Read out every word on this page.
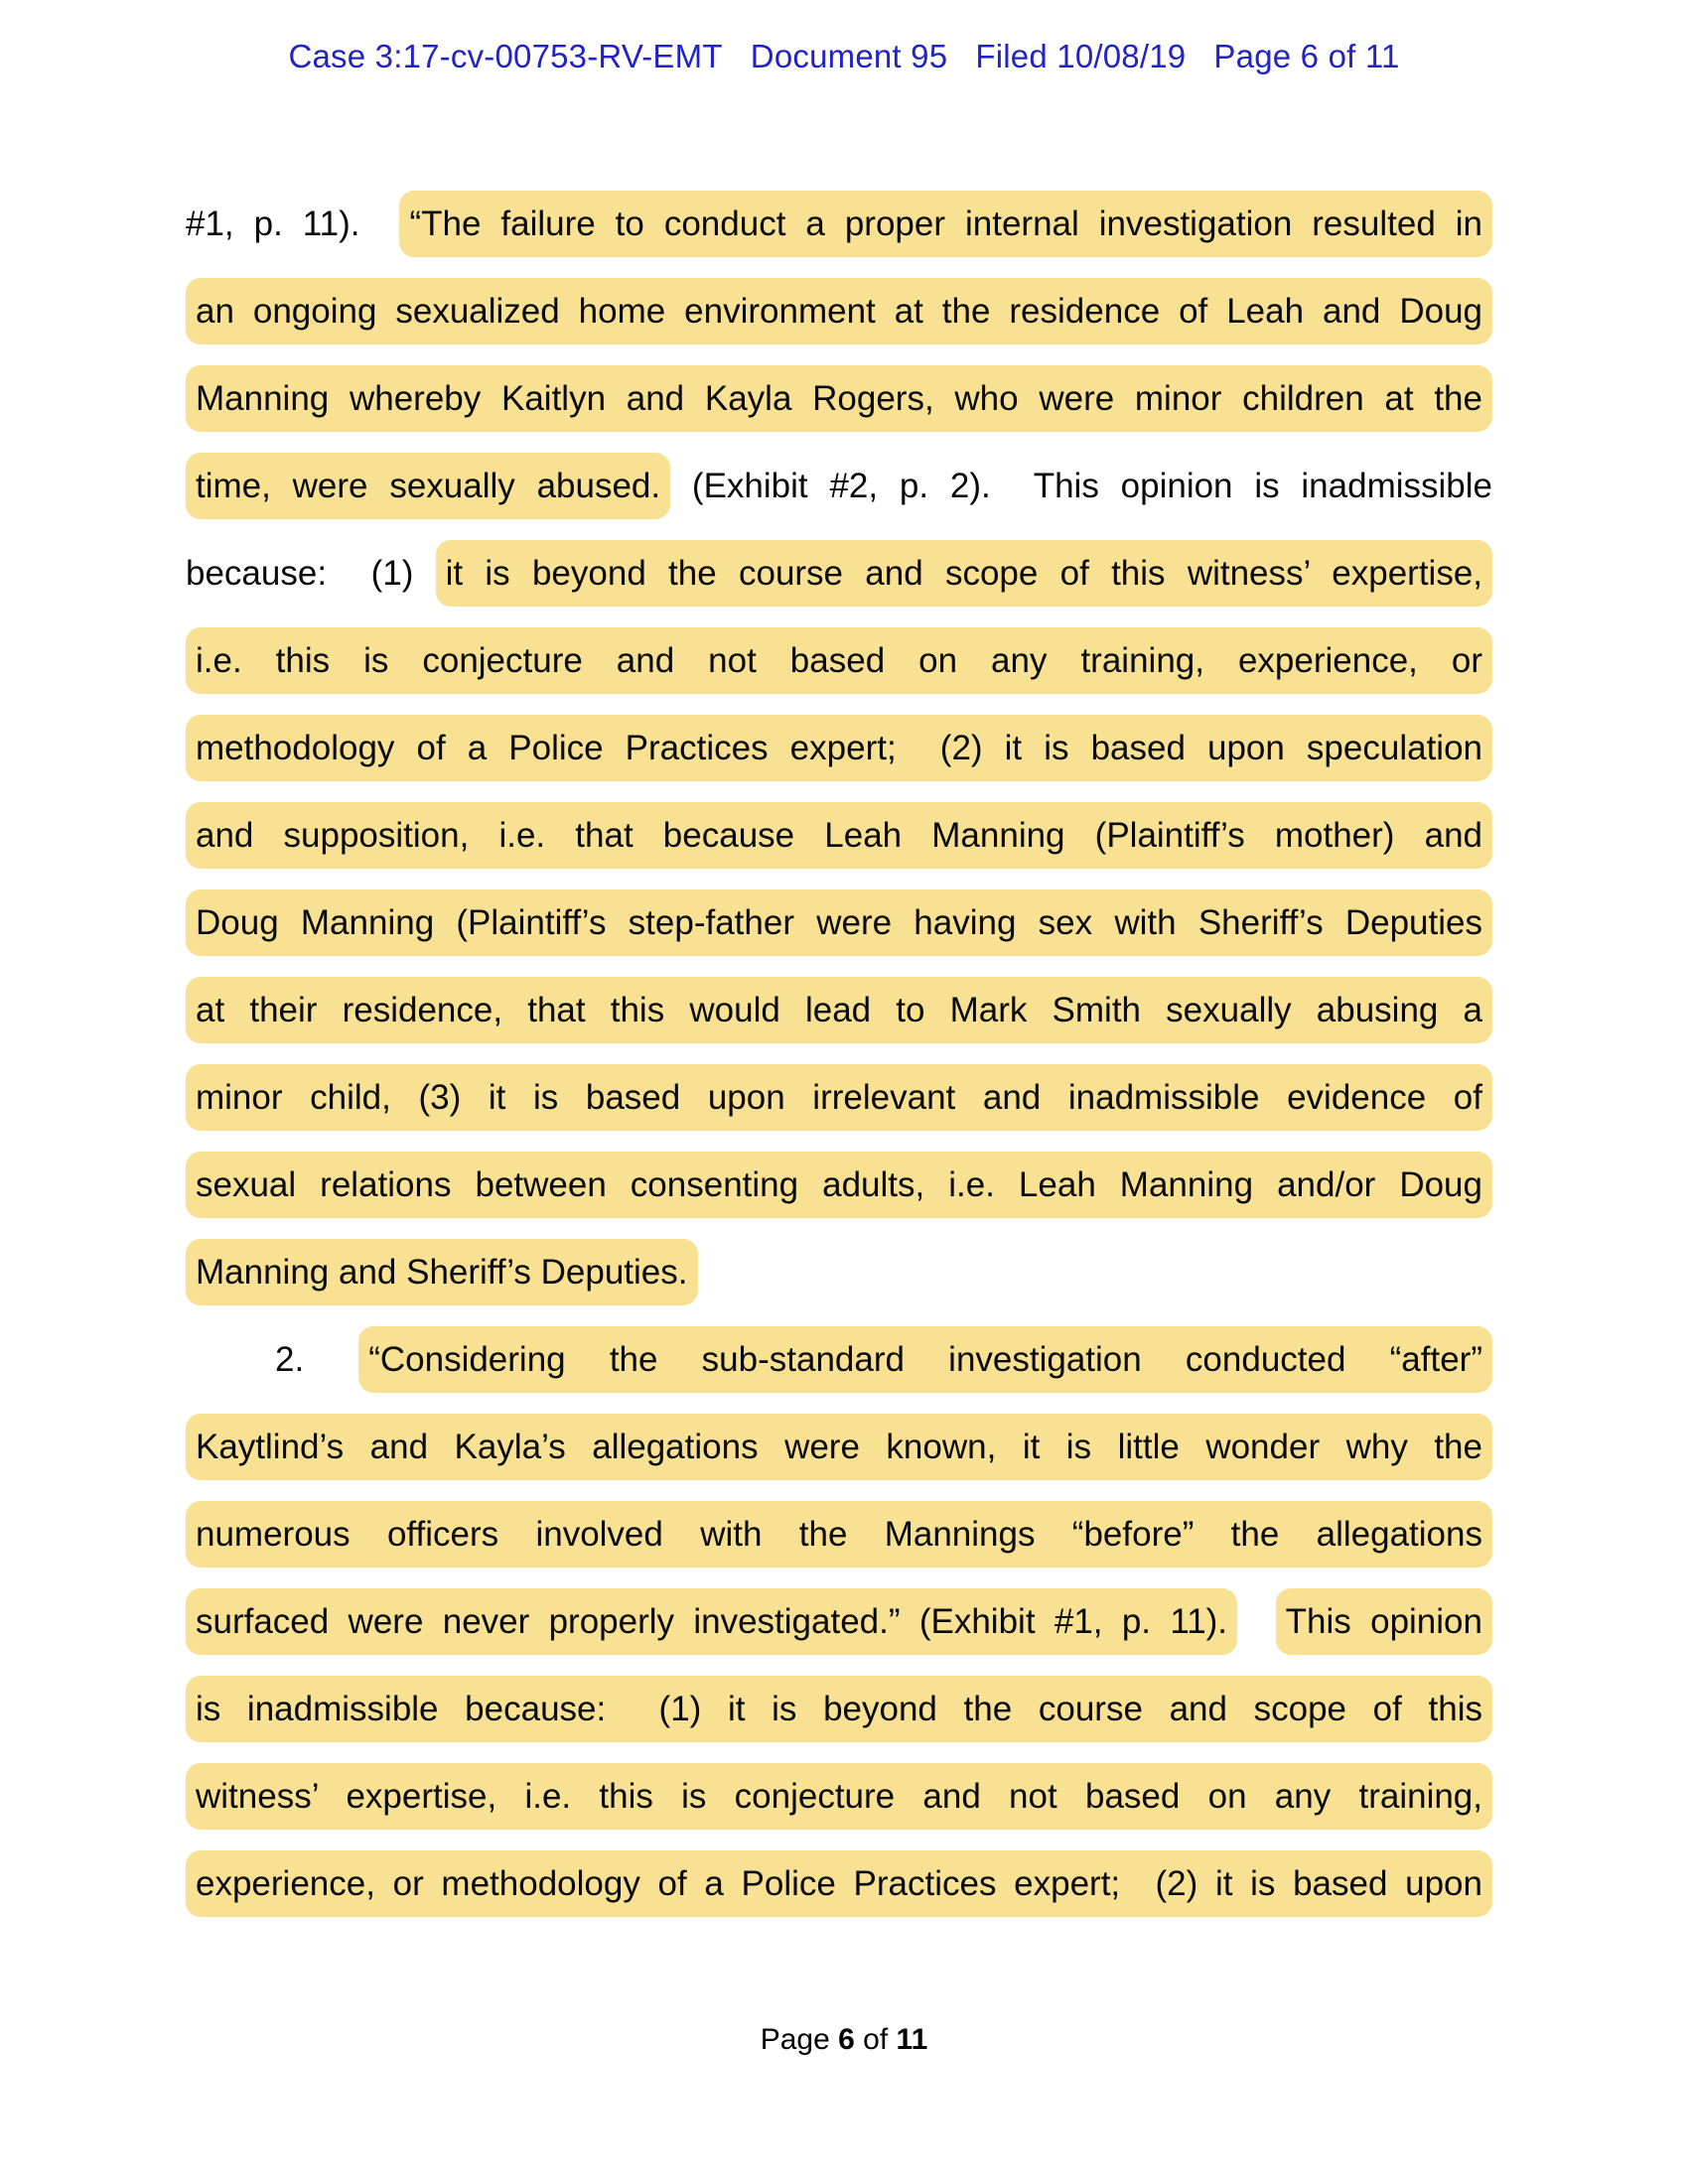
Case 3:17-cv-00753-RV-EMT   Document 95   Filed 10/08/19   Page 6 of 11
#1, p. 11).  “The failure to conduct a proper internal investigation resulted in
an ongoing sexualized home environment at the residence of Leah and Doug
Manning whereby Kaitlyn and Kayla Rogers, who were minor children at the
time, were sexually abused. (Exhibit #2, p. 2).  This opinion is inadmissible
because:  (1) it is beyond the course and scope of this witness’ expertise,
i.e. this is conjecture and not based on any training, experience, or
methodology of a Police Practices expert;  (2) it is based upon speculation
and supposition, i.e. that because Leah Manning (Plaintiff’s mother) and
Doug Manning (Plaintiff’s step-father were having sex with Sheriff’s Deputies
at their residence, that this would lead to Mark Smith sexually abusing a
minor child, (3) it is based upon irrelevant and inadmissible evidence of
sexual relations between consenting adults, i.e. Leah Manning and/or Doug
Manning and Sheriff’s Deputies.
2. “Considering the sub-standard investigation conducted “after”
Kaytlind’s and Kayla’s allegations were known, it is little wonder why the
numerous officers involved with the Mannings “before” the allegations
surfaced were never properly investigated.” (Exhibit #1, p. 11). This opinion
is inadmissible because:  (1) it is beyond the course and scope of this
witness’ expertise, i.e. this is conjecture and not based on any training,
experience, or methodology of a Police Practices expert;  (2) it is based upon
Page 6 of 11
